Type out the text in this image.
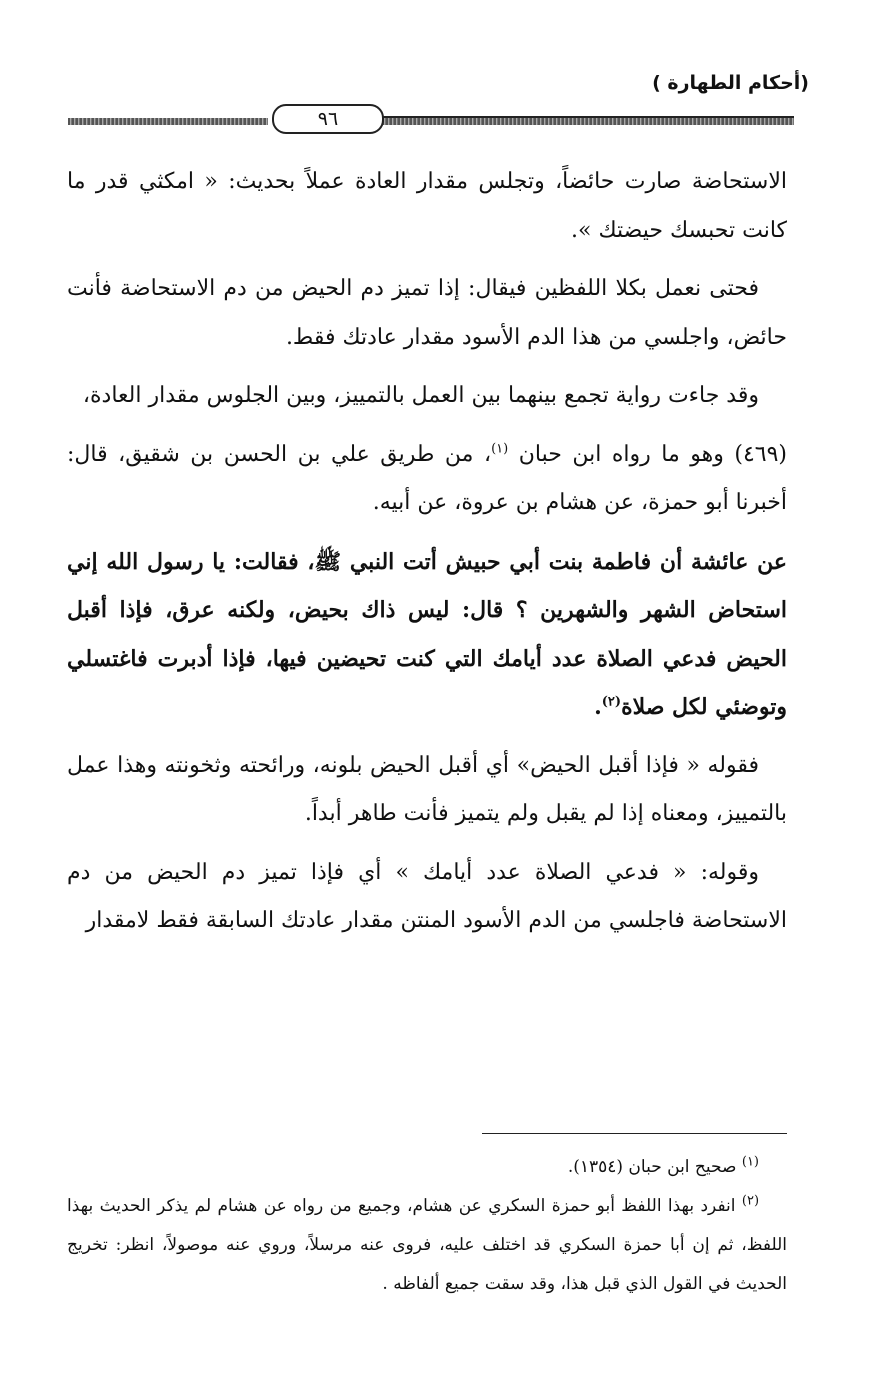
(أحكام الطهارة )
٩٦

الاستحاضة صارت حائضاً، وتجلس مقدار العادة عملاً بحديث: « امكثي قدر ما كانت تحبسك حيضتك ».

فحتى نعمل بكلا اللفظين فيقال: إذا تميز دم الحيض من دم الاستحاضة فأنت حائض، واجلسي من هذا الدم الأسود مقدار عادتك فقط.

وقد جاءت رواية تجمع بينهما بين العمل بالتمييز، وبين الجلوس مقدار العادة،

(٤٦٩) وهو ما رواه ابن حبان $^{(١)}$، من طريق علي بن الحسن بن شقيق، قال: أخبرنا أبو حمزة، عن هشام بن عروة، عن أبيه.

عن عائشة أن فاطمة بنت أبي حبيش أتت النبي ﷺ، فقالت: يا رسول الله إني استحاض الشهر والشهرين ؟ قال: ليس ذاك بحيض، ولكنه عرق، فإذا أقبل الحيض فدعي الصلاة عدد أيامك التي كنت تحيضين فيها، فإذا أدبرت فاغتسلي وتوضئي لكل صلاة$^{(٢)}$.

فقوله « فإذا أقبل الحيض» أي أقبل الحيض بلونه، ورائحته وثخونته وهذا عمل بالتمييز، ومعناه إذا لم يقبل ولم يتميز فأنت طاهر أبداً.

وقوله: « فدعي الصلاة عدد أيامك » أي فإذا تميز دم الحيض من دم الاستحاضة فاجلسي من الدم الأسود المنتن مقدار عادتك السابقة فقط لامقدار

$^{(١)}$ صحيح ابن حبان (١٣٥٤).

$^{(٢)}$ انفرد بهذا اللفظ أبو حمزة السكري عن هشام، وجميع من رواه عن هشام لم يذكر الحديث بهذا اللفظ، ثم إن أبا حمزة السكري قد اختلف عليه، فروى عنه مرسلاً، وروي عنه موصولاً، انظر: تخريج الحديث في القول الذي قبل هذا، وقد سقت جميع ألفاظه .
